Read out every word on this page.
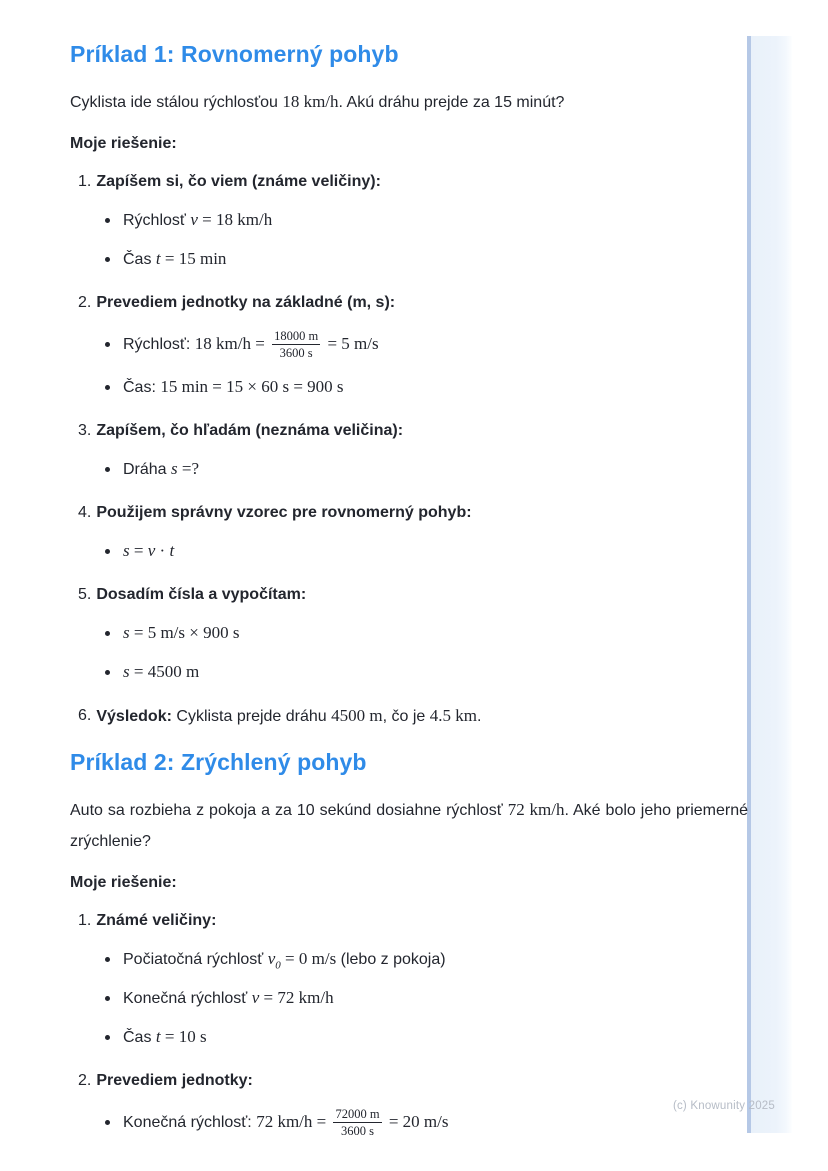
Príklad 1: Rovnomerný pohyb

Cyklista ide stálou rýchlosťou 18 km/h. Akú dráhu prejde za 15 minút?

Moje riešenie:

1. Zapíšem si, čo viem (známe veličiny):
Rýchlosť v = 18 km/h
Čas t = 15 min
2. Prevediem jednotky na základné (m, s):
Rýchlosť: 18 $km/h = \frac{18000 m}{3600 s} = 5$ m/s
Čas: 15 min = 15 × 60 s = 900 s
3. Zapíšem, čo hľadám (neznáma veličina):
Dráha s =?
4. Použijem správny vzorec pre rovnomerný pohyb:
s = v · t
5. Dosadím čísla a vypočítam:
s = 5 m/s × 900 s
s = 4500 m
6. Výsledok: Cyklista prejde dráhu 4500 m, čo je 4.5 km.
Príklad 2: Zrýchlený pohyb

Auto sa rozbieha z pokoja a za 10 sekúnd dosiahne rýchlosť 72 km/h. Aké bolo jeho priemerné zrýchlenie?

Moje riešenie:

1. Známé veličiny:
Počiatočná rýchlosť $v_0 = 0$ m/s (lebo z pokoja)
Konečná rýchlosť v = 72 km/h
Čas t = 10 s
2. Prevediem jednotky:
Konečná rýchlosť: 72 $km/h = \frac{72000 m}{3600 s} = 20$ m/s
(c) Knowunity 2025
